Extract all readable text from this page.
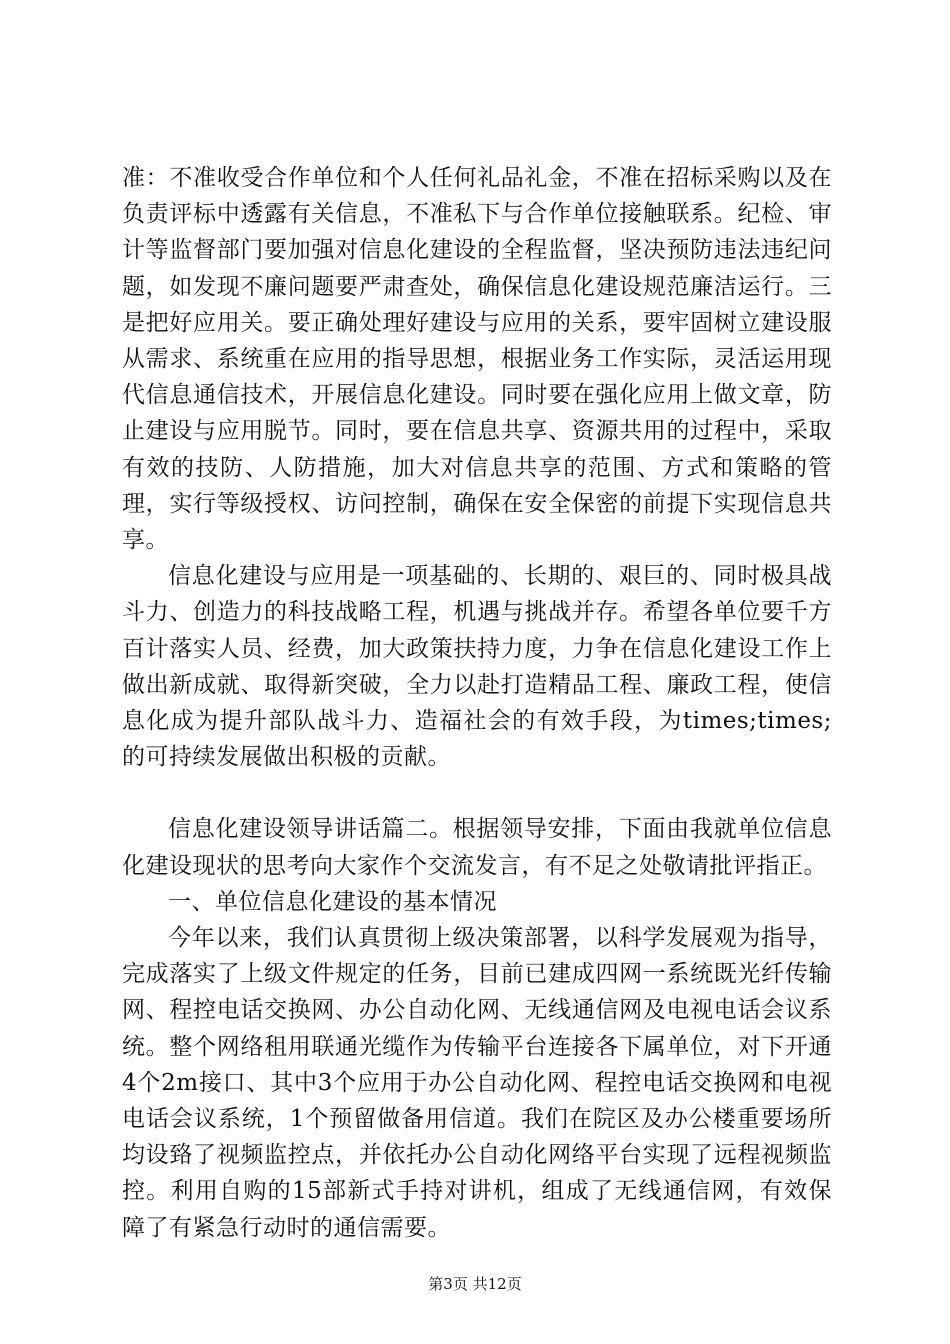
准：不准收受合作单位和个人任何礼品礼金，不准在招标采购以及在负责评标中透露有关信息，不准私下与合作单位接触联系。纪检、审计等监督部门要加强对信息化建设的全程监督，坚决预防违法违纪问题，如发现不廉问题要严肃查处，确保信息化建设规范廉洁运行。三是把好应用关。要正确处理好建设与应用的关系，要牢固树立建设服从需求、系统重在应用的指导思想，根据业务工作实际，灵活运用现代信息通信技术，开展信息化建设。同时要在强化应用上做文章，防止建设与应用脱节。同时，要在信息共享、资源共用的过程中，采取有效的技防、人防措施，加大对信息共享的范围、方式和策略的管理，实行等级授权、访问控制，确保在安全保密的前提下实现信息共享。

信息化建设与应用是一项基础的、长期的、艰巨的、同时极具战斗力、创造力的科技战略工程，机遇与挑战并存。希望各单位要千方百计落实人员、经费，加大政策扶持力度，力争在信息化建设工作上做出新成就、取得新突破，全力以赴打造精品工程、廉政工程，使信息化成为提升部队战斗力、造福社会的有效手段，为times;times;的可持续发展做出积极的贡献。

信息化建设领导讲话篇二。根据领导安排，下面由我就单位信息化建设现状的思考向大家作个交流发言，有不足之处敬请批评指正。

一、单位信息化建设的基本情况

今年以来，我们认真贯彻上级决策部署，以科学发展观为指导，完成落实了上级文件规定的任务，目前已建成四网一系统既光纤传输网、程控电话交换网、办公自动化网、无线通信网及电视电话会议系统。整个网络租用联通光缆作为传输平台连接各下属单位，对下开通4个2m接口、其中3个应用于办公自动化网、程控电话交换网和电视电话会议系统，1个预留做备用信道。我们在院区及办公楼重要场所均设臵了视频监控点，并依托办公自动化网络平台实现了远程视频监控。利用自购的15部新式手持对讲机，组成了无线通信网，有效保障了有紧急行动时的通信需要。

第3页 共12页
